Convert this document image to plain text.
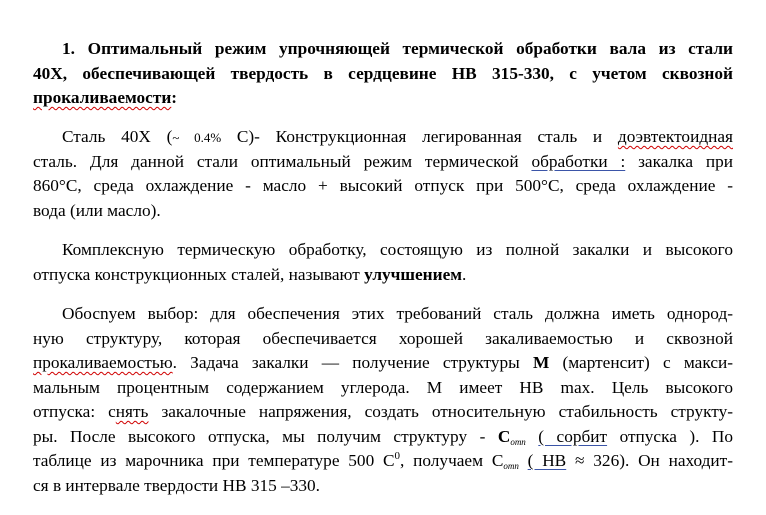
1. Оптимальный режим упрочняющей термической обработки вала из стали
40Х, обеспечивающей твердость в сердцевине НВ 315-330, с учетом сквозной
прокаливаемости:
Сталь 40Х (~ 0.4% С)- Конструкционная легированная сталь и доэвтектоидная
сталь. Для данной стали оптимальный режим термической обработки : закалка при
860°С, среда охлаждение - масло + высокий отпуск при 500°С, среда охлаждение -
вода (или масло).
Комплексную термическую обработку, состоящую из полной закалки и высокого
отпуска конструкционных сталей, называют улучшением.
Обосnуем выбор: для обеспечения этих требований сталь должна иметь однород-
ную структуру, которая обеспечивается хорошей закаливаемостью и сквозной
прокаливаемостью. Задача закалки — получение структуры М (мартенсит) с макси-
мальным процентным содержанием углерода. М имеет НВ max. Цель высокого
отпуска: снять закалочные напряжения, создать относительную стабильность структу-
ры. После высокого отпуска, мы получим структуру - $С_{отп}$ ( сорбит отпуска ). По
таблице из марочника при температуре 500 $С^0$, получаем $С_{отп}$ ( НВ ≈ 326). Он находит-
ся в интервале твердости НВ 315 –330.
